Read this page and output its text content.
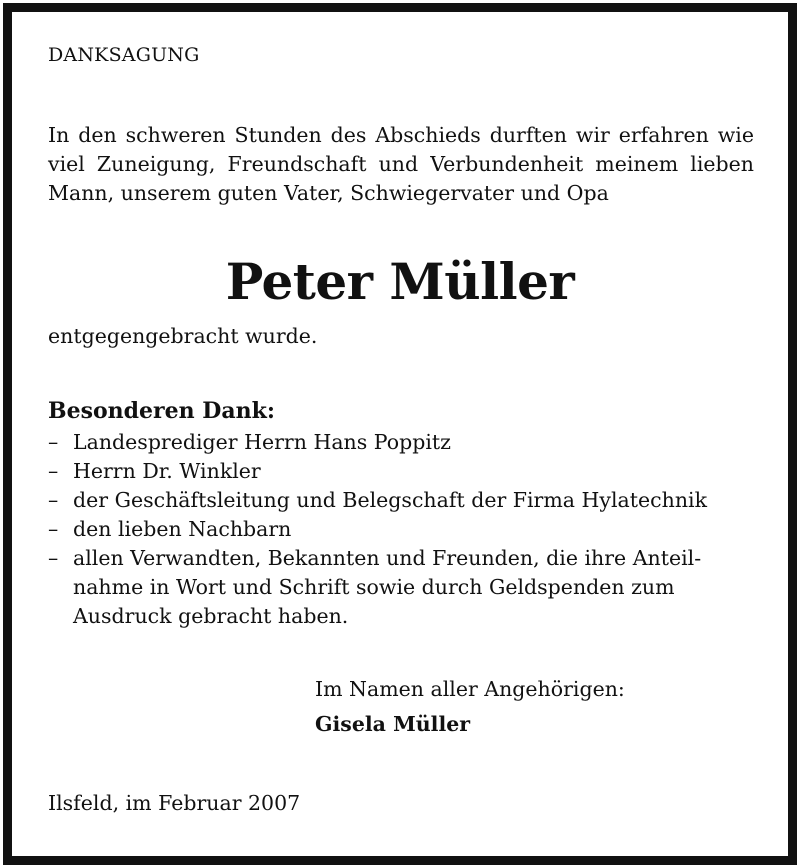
DANKSAGUNG
In den schweren Stunden des Abschieds durften wir erfahren wie
viel Zuneigung, Freundschaft und Verbundenheit meinem lieben
Mann, unserem guten Vater, Schwiegervater und Opa
Peter Müller
entgegengebracht wurde.
Besonderen Dank:
– Landesprediger Herrn Hans Poppitz
– Herrn Dr. Winkler
– der Geschäftsleitung und Belegschaft der Firma Hylatechnik
– den lieben Nachbarn
– allen Verwandten, Bekannten und Freunden, die ihre Anteil-
nahme in Wort und Schrift sowie durch Geldspenden zum
Ausdruck gebracht haben.
Im Namen aller Angehörigen:
Gisela Müller
Ilsfeld, im Februar 2007
